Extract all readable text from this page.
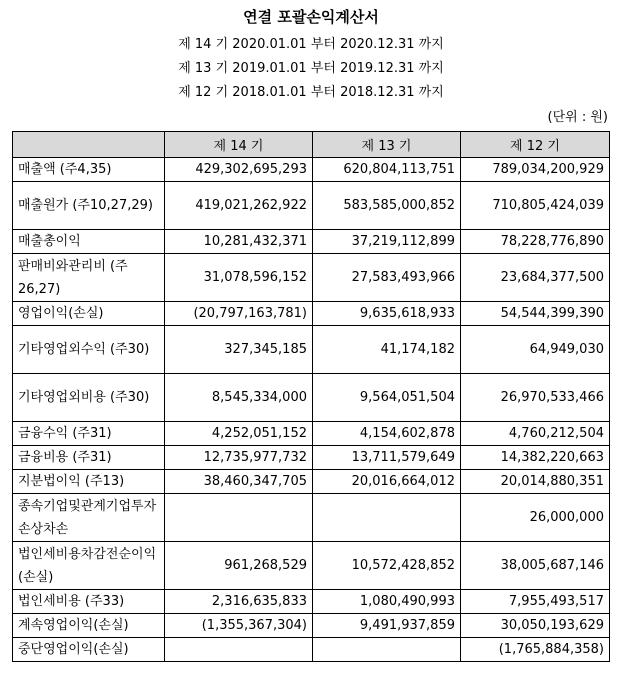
연결 포괄손익계산서
제 14 기 2020.01.01 부터 2020.12.31 까지
제 13 기 2019.01.01 부터 2019.12.31 까지
제 12 기 2018.01.01 부터 2018.12.31 까지
(단위 : 원)
	제 14 기	제 13 기	제 12 기
매출액 (주4,35)	429,302,695,293	620,804,113,751	789,034,200,929
매출원가 (주10,27,29)	419,021,262,922	583,585,000,852	710,805,424,039
매출총이익	10,281,432,371	37,219,112,899	78,228,776,890
판매비와관리비 (주26,27)	31,078,596,152	27,583,493,966	23,684,377,500
영업이익(손실)	(20,797,163,781)	9,635,618,933	54,544,399,390
기타영업외수익 (주30)	327,345,185	41,174,182	64,949,030
기타영업외비용 (주30)	8,545,334,000	9,564,051,504	26,970,533,466
금융수익 (주31)	4,252,051,152	4,154,602,878	4,760,212,504
금융비용 (주31)	12,735,977,732	13,711,579,649	14,382,220,663
지분법이익 (주13)	38,460,347,705	20,016,664,012	20,014,880,351
종속기업및관계기업투자손상차손			26,000,000
법인세비용차감전순이익(손실)	961,268,529	10,572,428,852	38,005,687,146
법인세비용 (주33)	2,316,635,833	1,080,490,993	7,955,493,517
계속영업이익(손실)	(1,355,367,304)	9,491,937,859	30,050,193,629
중단영업이익(손실)			(1,765,884,358)
